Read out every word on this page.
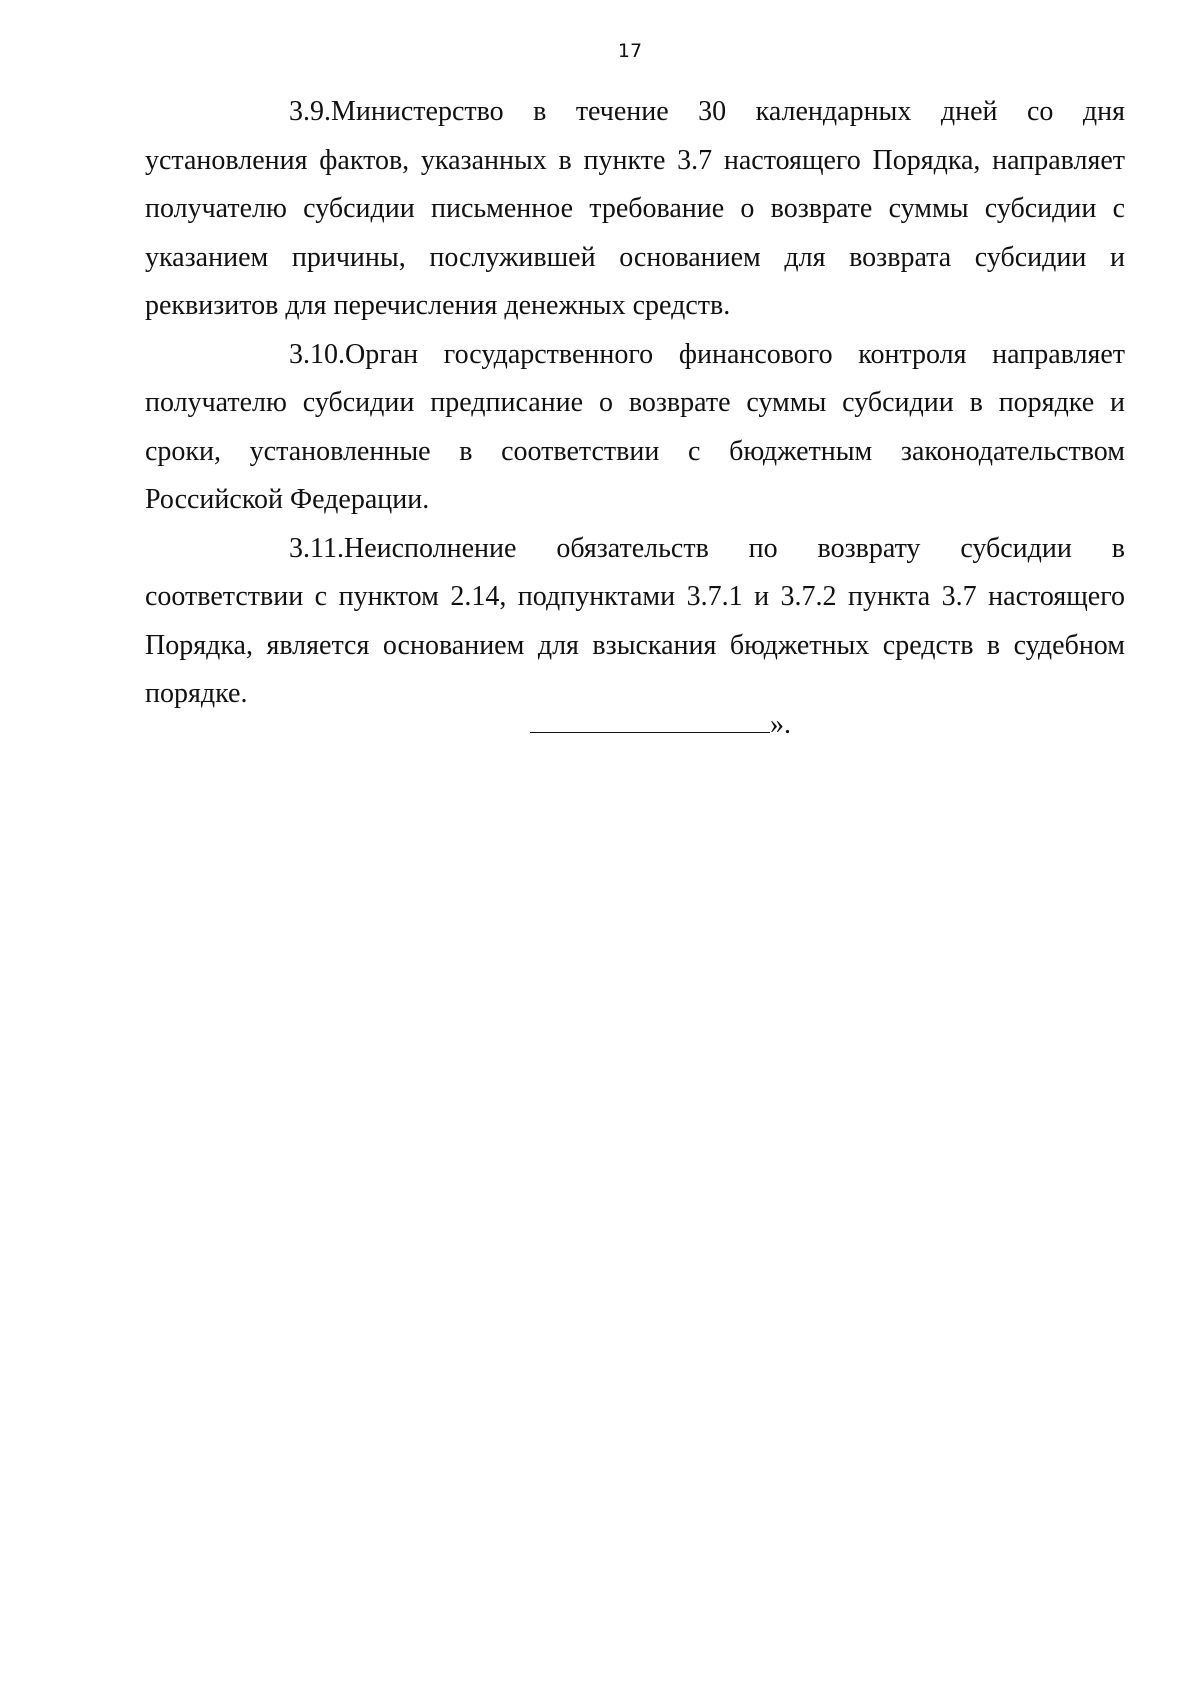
17

3.9.Министерство в течение 30 календарных дней со дня установления фактов, указанных в пункте 3.7 настоящего Порядка, направляет получателю субсидии письменное требование о возврате суммы субсидии с указанием причины, послужившей основанием для возврата субсидии и реквизитов для перечисления денежных средств.

3.10.Орган государственного финансового контроля направляет получателю субсидии предписание о возврате суммы субсидии в порядке и сроки, установленные в соответствии с бюджетным законодательством Российской Федерации.

3.11.Неисполнение обязательств по возврату субсидии в соответствии с пунктом 2.14, подпунктами 3.7.1 и 3.7.2 пункта 3.7 настоящего Порядка, является основанием для взыскания бюджетных средств в судебном порядке.

».
